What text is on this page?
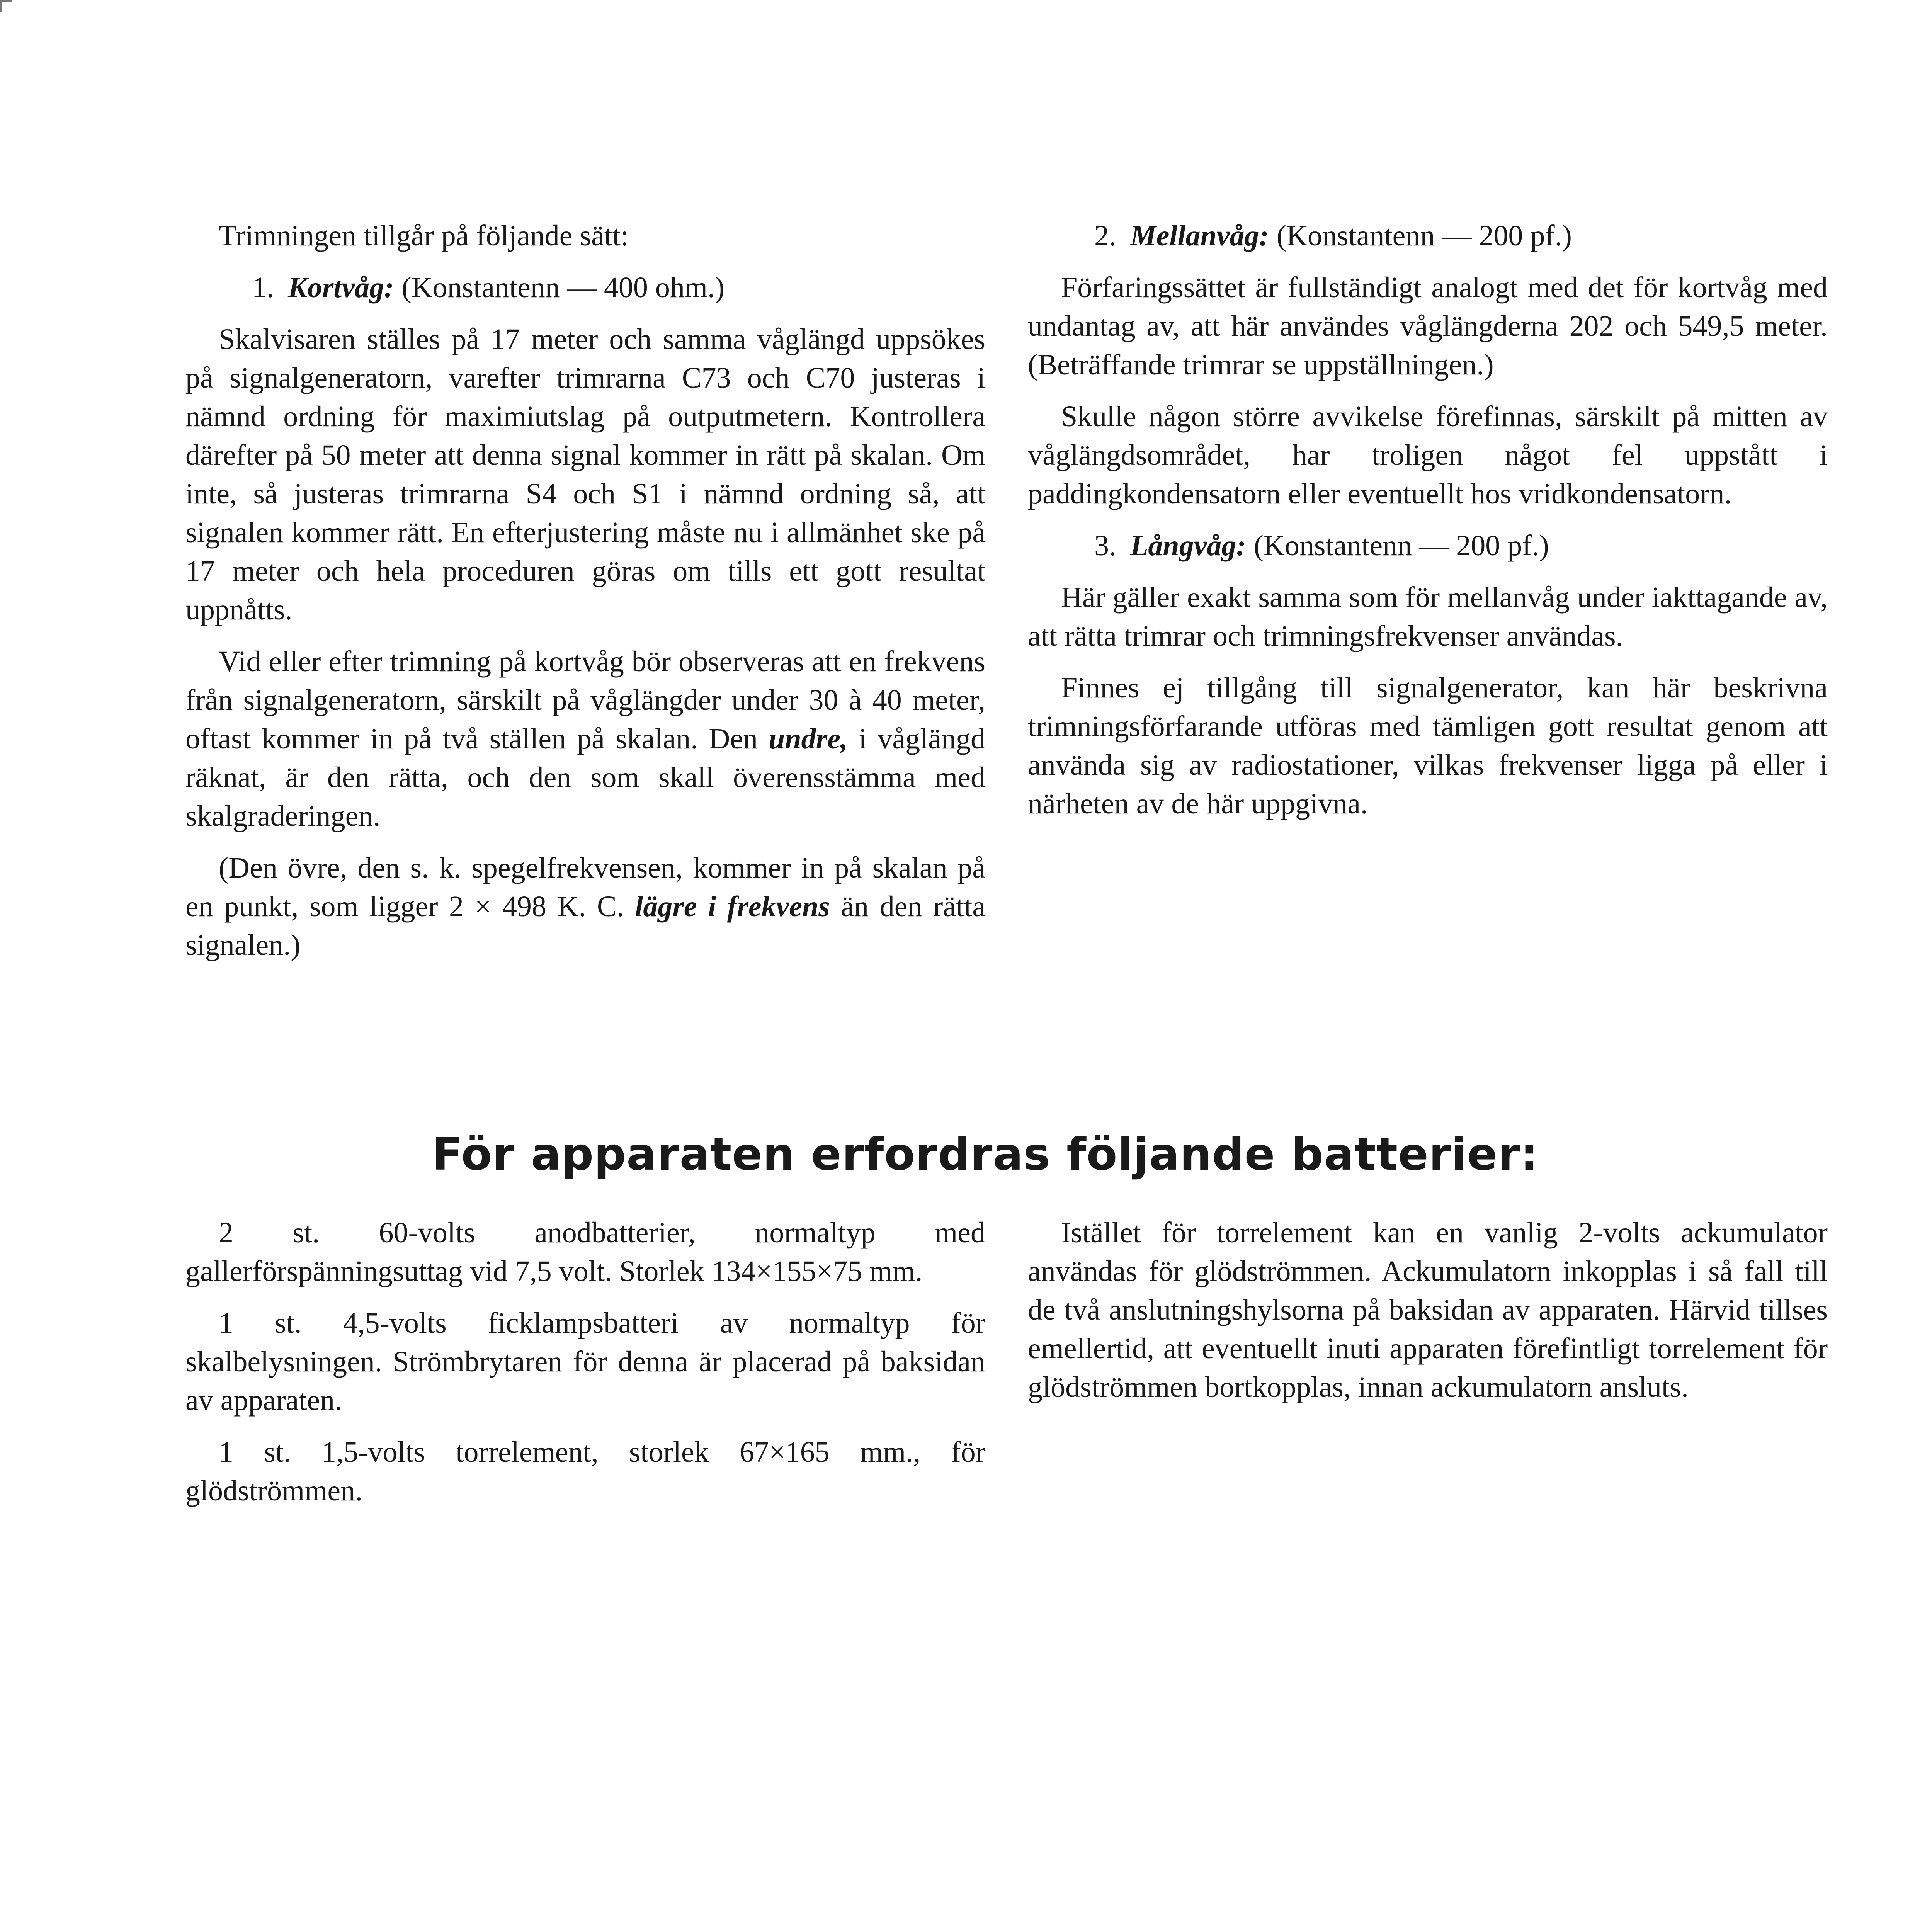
Trimningen tillgår på följande sätt:

1. Kortvåg: (Konstantenn — 400 ohm.)

Skalvisaren ställes på 17 meter och samma våglängd uppsökes på signalgeneratorn, varefter trimrarna C73 och C70 justeras i nämnd ordning för maximiutslag på outputmetern. Kontrollera därefter på 50 meter att denna signal kommer in rätt på skalan. Om inte, så justeras trimrarna S4 och S1 i nämnd ordning så, att signalen kommer rätt. En efterjustering måste nu i allmänhet ske på 17 meter och hela proceduren göras om tills ett gott resultat uppnåtts.

Vid eller efter trimning på kortvåg bör observeras att en frekvens från signalgeneratorn, särskilt på våglängder under 30 à 40 meter, oftast kommer in på två ställen på skalan. Den undre, i våglängd räknat, är den rätta, och den som skall överensstämma med skalgraderingen.

(Den övre, den s. k. spegelfrekvensen, kommer in på skalan på en punkt, som ligger 2 × 498 K. C. lägre i frekvens än den rätta signalen.)

2. Mellanvåg: (Konstantenn — 200 pf.)

Förfaringssättet är fullständigt analogt med det för kortvåg med undantag av, att här användes våglängderna 202 och 549,5 meter. (Beträffande trimrar se uppställningen.)

Skulle någon större avvikelse förefinnas, särskilt på mitten av våglängdsområdet, har troligen något fel uppstått i paddingkondensatorn eller eventuellt hos vridkondensatorn.

3. Långvåg: (Konstantenn — 200 pf.)

Här gäller exakt samma som för mellanvåg under iakttagande av, att rätta trimrar och trimningsfrekvenser användas.

Finnes ej tillgång till signalgenerator, kan här beskrivna trimningsförfarande utföras med tämligen gott resultat genom att använda sig av radiostationer, vilkas frekvenser ligga på eller i närheten av de här uppgivna.

För apparaten erfordras följande batterier:

2 st. 60-volts anodbatterier, normaltyp med gallerförspänningsuttag vid 7,5 volt. Storlek 134×155×75 mm.

1 st. 4,5-volts ficklampsbatteri av normaltyp för skalbelysningen. Strömbrytaren för denna är placerad på baksidan av apparaten.

1 st. 1,5-volts torrelement, storlek 67×165 mm., för glödströmmen.

Istället för torrelement kan en vanlig 2-volts ackumulator användas för glödströmmen. Ackumulatorn inkopplas i så fall till de två anslutningshylsorna på baksidan av apparaten. Härvid tillses emellertid, att eventuellt inuti apparaten förefintligt torrelement för glödströmmen bortkopplas, innan ackumulatorn ansluts.
